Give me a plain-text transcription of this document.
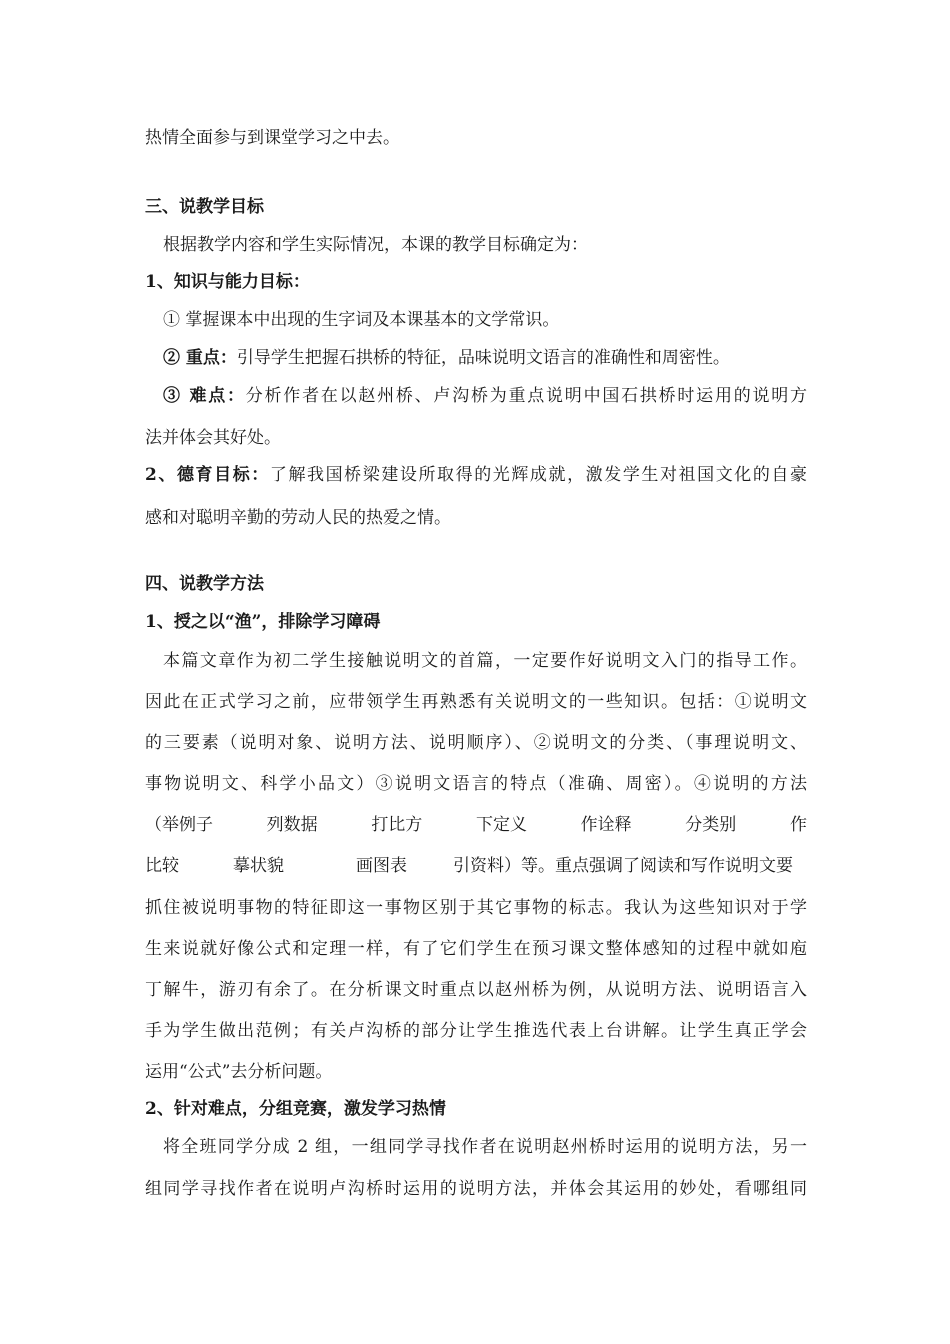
热情全面参与到课堂学习之中去。
三、说教学目标
根据教学内容和学生实际情况，本课的教学目标确定为：
1、知识与能力目标：
① 掌握课本中出现的生字词及本课基本的文学常识。
② 重点：引导学生把握石拱桥的特征，品味说明文语言的准确性和周密性。
③ 难点：分析作者在以赵州桥、卢沟桥为重点说明中国石拱桥时运用的说明方
法并体会其好处。
2、德育目标：了解我国桥梁建设所取得的光辉成就，激发学生对祖国文化的自豪
感和对聪明辛勤的劳动人民的热爱之情。
四、说教学方法
1、授之以“渔”，排除学习障碍
本篇文章作为初二学生接触说明文的首篇，一定要作好说明文入门的指导工作。
因此在正式学习之前，应带领学生再熟悉有关说明文的一些知识。包括：①说明文
的三要素（说明对象、说明方法、说明顺序）、②说明文的分类、（事理说明文、
事物说明文、科学小品文）③说明文语言的特点（准确、周密）。④说明的方法
（举例子	列数据	打比方	下定义	作诠释	分类别	作
比较	摹状貌	画图表	引资料）等。重点强调了阅读和写作说明文要
抓住被说明事物的特征即这一事物区别于其它事物的标志。我认为这些知识对于学
生来说就好像公式和定理一样，有了它们学生在预习课文整体感知的过程中就如庖
丁解牛，游刃有余了。在分析课文时重点以赵州桥为例，从说明方法、说明语言入
手为学生做出范例；有关卢沟桥的部分让学生推选代表上台讲解。让学生真正学会
运用“公式”去分析问题。
2、针对难点，分组竞赛，激发学习热情
将全班同学分成 2 组，一组同学寻找作者在说明赵州桥时运用的说明方法，另一
组同学寻找作者在说明卢沟桥时运用的说明方法，并体会其运用的妙处，看哪组同
